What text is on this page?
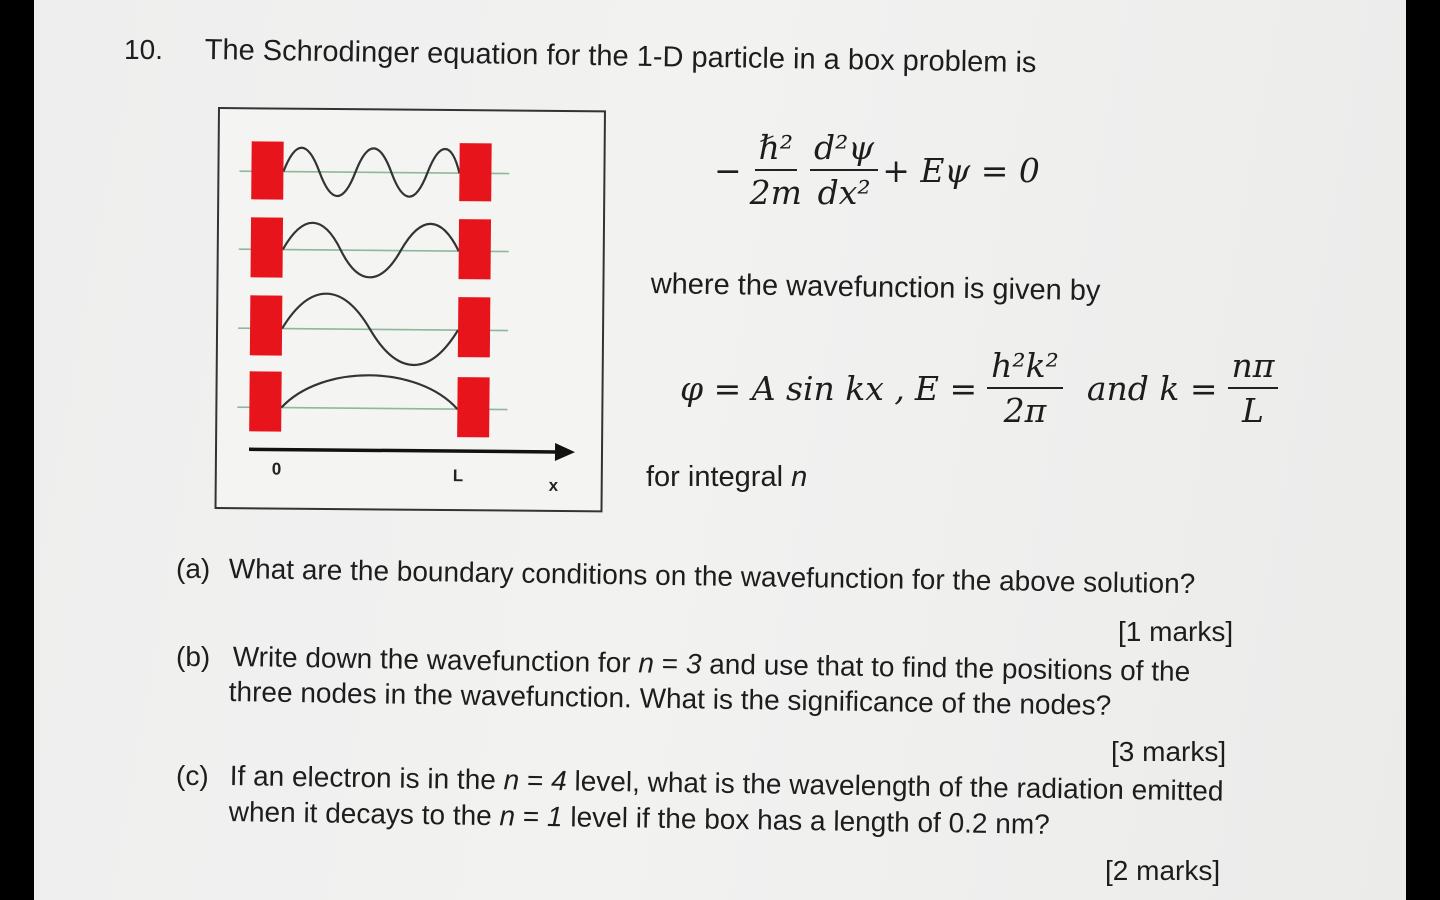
10. The Schrodinger equation for the 1-D particle in a box problem is
0	L
x
− $\frac{\text{ℏ²}}{2m} \frac{\text{d²ψ}}{\text{dx²}} + E\psi = 0$
where the wavefunction is given by
φ = A sin kx , $E = \frac{\text{h²k²}}{2\pi}$ and $k = \frac{n\pi}{L}$
for integral n
(a) What are the boundary conditions on the wavefunction for the above solution?
[1 marks]
(b) Write down the wavefunction for n = 3 and use that to find the positions of the
three nodes in the wavefunction. What is the significance of the nodes?
[3 marks]
(c) If an electron is in the n = 4 level, what is the wavelength of the radiation emitted
when it decays to the n = 1 level if the box has a length of 0.2 nm?
[2 marks]
